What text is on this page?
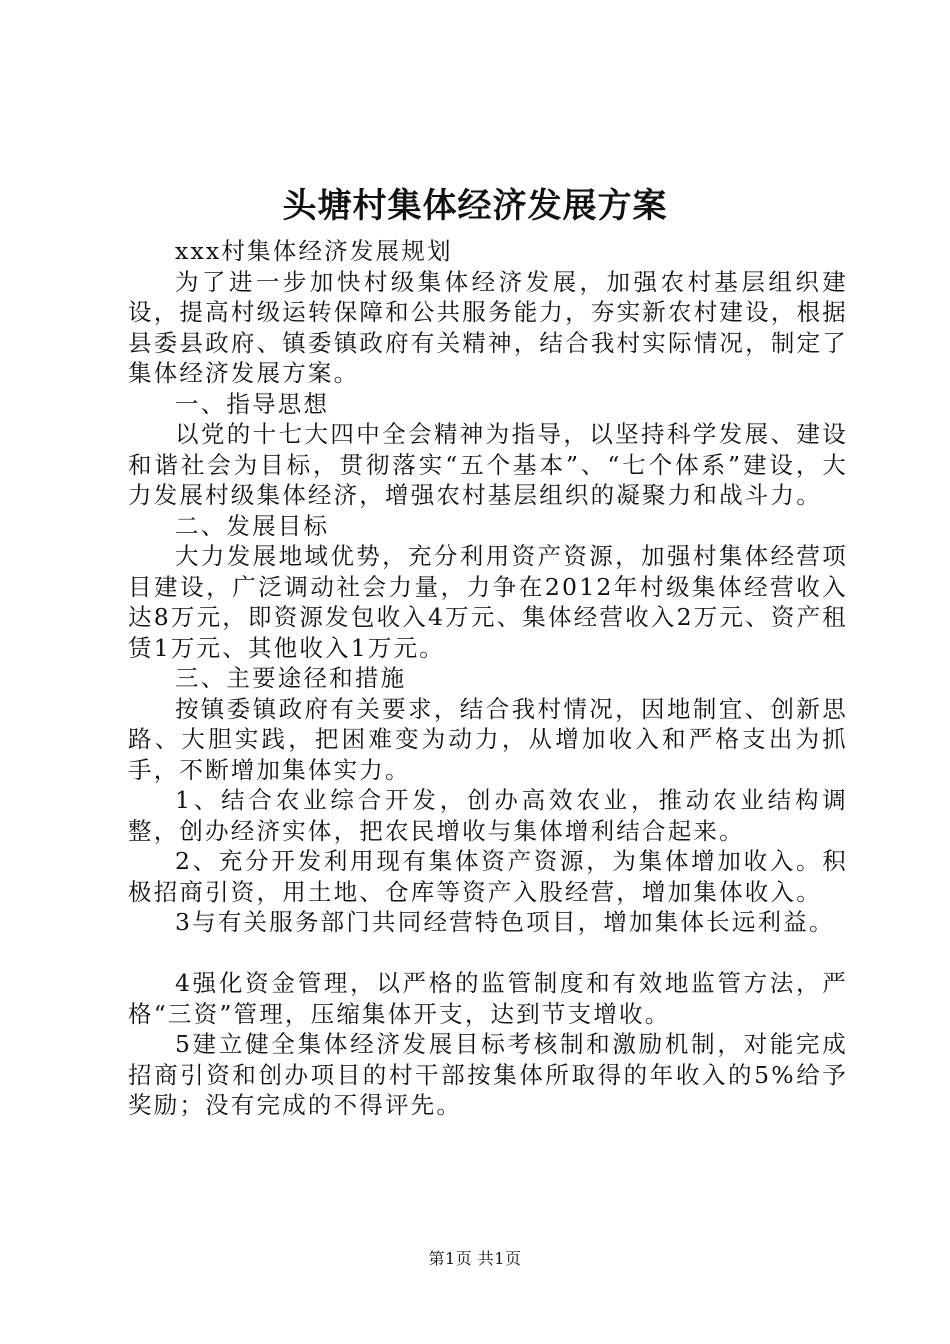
头塘村集体经济发展方案

xxx村集体经济发展规划

为了进一步加快村级集体经济发展，加强农村基层组织建设，提高村级运转保障和公共服务能力，夯实新农村建设，根据县委县政府、镇委镇政府有关精神，结合我村实际情况，制定了集体经济发展方案。

一、指导思想

以党的十七大四中全会精神为指导，以坚持科学发展、建设和谐社会为目标，贯彻落实“五个基本”、“七个体系”建设，大力发展村级集体经济，增强农村基层组织的凝聚力和战斗力。

二、发展目标

大力发展地域优势，充分利用资产资源，加强村集体经营项目建设，广泛调动社会力量，力争在2012年村级集体经营收入达8万元，即资源发包收入4万元、集体经营收入2万元、资产租赁1万元、其他收入1万元。

三、主要途径和措施

按镇委镇政府有关要求，结合我村情况，因地制宜、创新思路、大胆实践，把困难变为动力，从增加收入和严格支出为抓手，不断增加集体实力。

1、结合农业综合开发，创办高效农业，推动农业结构调整，创办经济实体，把农民增收与集体增利结合起来。

2、充分开发利用现有集体资产资源，为集体增加收入。积极招商引资，用土地、仓库等资产入股经营，增加集体收入。

3与有关服务部门共同经营特色项目，增加集体长远利益。

4强化资金管理，以严格的监管制度和有效地监管方法，严格“三资”管理，压缩集体开支，达到节支增收。

5建立健全集体经济发展目标考核制和激励机制，对能完成招商引资和创办项目的村干部按集体所取得的年收入的5%给予奖励；没有完成的不得评先。

第1页 共1页
